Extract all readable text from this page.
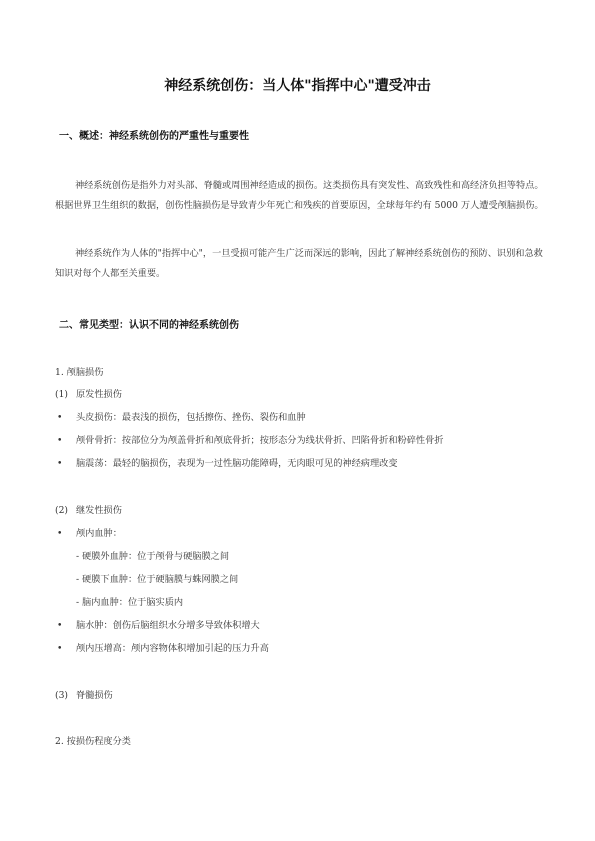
神经系统创伤：当人体"指挥中心"遭受冲击
一、概述：神经系统创伤的严重性与重要性

神经系统创伤是指外力对头部、脊髓或周围神经造成的损伤。这类损伤具有突发性、高致残性和高经济负担等特点。根据世界卫生组织的数据，创伤性脑损伤是导致青少年死亡和残疾的首要原因，全球每年约有 5000 万人遭受颅脑损伤。

神经系统作为人体的"指挥中心"，一旦受损可能产生广泛而深远的影响，因此了解神经系统创伤的预防、识别和急救知识对每个人都至关重要。

二、常见类型：认识不同的神经系统创伤
1. 颅脑损伤
(1) 原发性损伤
• 头皮损伤：最表浅的损伤，包括擦伤、挫伤、裂伤和血肿
• 颅骨骨折：按部位分为颅盖骨折和颅底骨折；按形态分为线状骨折、凹陷骨折和粉碎性骨折
• 脑震荡：最轻的脑损伤，表现为一过性脑功能障碍，无肉眼可见的神经病理改变
(2) 继发性损伤
• 颅内血肿：
- 硬膜外血肿：位于颅骨与硬脑膜之间
- 硬膜下血肿：位于硬脑膜与蛛网膜之间
- 脑内血肿：位于脑实质内
• 脑水肿：创伤后脑组织水分增多导致体积增大
• 颅内压增高：颅内容物体积增加引起的压力升高
(3) 脊髓损伤
2. 按损伤程度分类
